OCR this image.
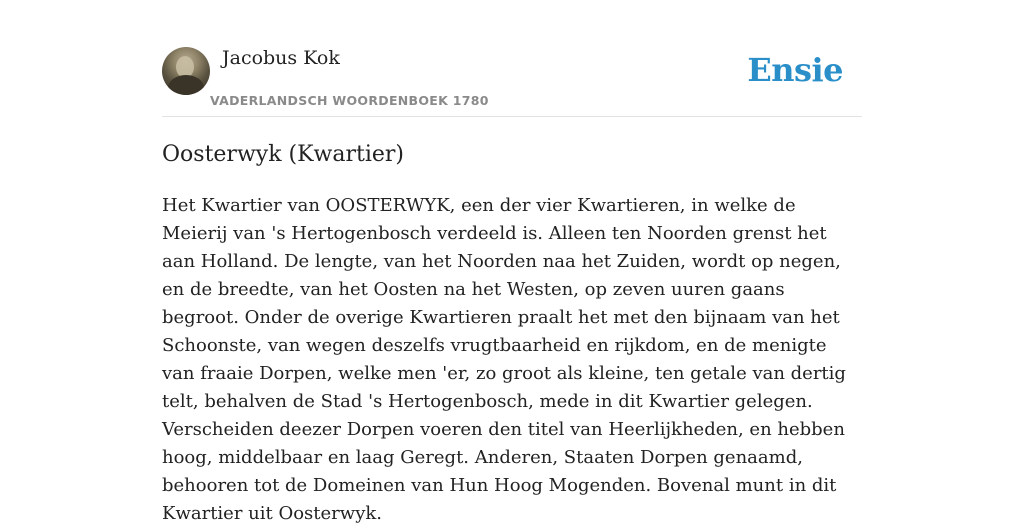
Jacobus Kok
VADERLANDSCH WOORDENBOEK 1780
Ensie
Oosterwyk (Kwartier)

Het Kwartier van OOSTERWYK, een der vier Kwartieren, in welke de Meierij van 's Hertogenbosch verdeeld is. Alleen ten Noorden grenst het aan Holland. De lengte, van het Noorden naa het Zuiden, wordt op negen, en de breedte, van het Oosten na het Westen, op zeven uuren gaans begroot. Onder de overige Kwartieren praalt het met den bijnaam van het Schoonste, van wegen deszelfs vrugtbaarheid en rijkdom, en de menigte van fraaie Dorpen, welke men 'er, zo groot als kleine, ten getale van dertig telt, behalven de Stad 's Hertogenbosch, mede in dit Kwartier gelegen. Verscheiden deezer Dorpen voeren den titel van Heerlijkheden, en hebben hoog, middelbaar en laag Geregt. Anderen, Staaten Dorpen genaamd, behooren tot de Domeinen van Hun Hoog Mogenden. Bovenal munt in dit Kwartier uit Oosterwyk.
